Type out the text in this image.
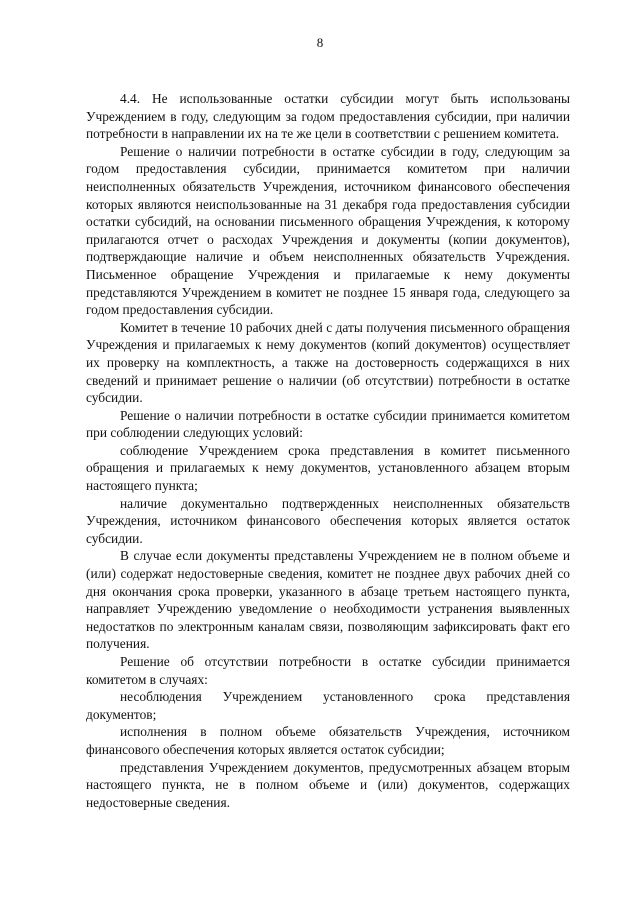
8

4.4. Не использованные остатки субсидии могут быть использованы Учреждением в году, следующим за годом предоставления субсидии, при наличии потребности в направлении их на те же цели в соответствии с решением комитета.

Решение о наличии потребности в остатке субсидии в году, следующим за годом предоставления субсидии, принимается комитетом при наличии неисполненных обязательств Учреждения, источником финансового обеспечения которых являются неиспользованные на 31 декабря года предоставления субсидии остатки субсидий, на основании письменного обращения Учреждения, к которому прилагаются отчет о расходах Учреждения и документы (копии документов), подтверждающие наличие и объем неисполненных обязательств Учреждения. Письменное обращение Учреждения и прилагаемые к нему документы представляются Учреждением в комитет не позднее 15 января года, следующего за годом предоставления субсидии.

Комитет в течение 10 рабочих дней с даты получения письменного обращения Учреждения и прилагаемых к нему документов (копий документов) осуществляет их проверку на комплектность, а также на достоверность содержащихся в них сведений и принимает решение о наличии (об отсутствии) потребности в остатке субсидии.

Решение о наличии потребности в остатке субсидии принимается комитетом при соблюдении следующих условий:

соблюдение Учреждением срока представления в комитет письменного обращения и прилагаемых к нему документов, установленного абзацем вторым настоящего пункта;

наличие документально подтвержденных неисполненных обязательств Учреждения, источником финансового обеспечения которых является остаток субсидии.

В случае если документы представлены Учреждением не в полном объеме и (или) содержат недостоверные сведения, комитет не позднее двух рабочих дней со дня окончания срока проверки, указанного в абзаце третьем настоящего пункта, направляет Учреждению уведомление о необходимости устранения выявленных недостатков по электронным каналам связи, позволяющим зафиксировать факт его получения.

Решение об отсутствии потребности в остатке субсидии принимается комитетом в случаях:

несоблюдения Учреждением установленного срока представления документов;

исполнения в полном объеме обязательств Учреждения, источником финансового обеспечения которых является остаток субсидии;

представления Учреждением документов, предусмотренных абзацем вторым настоящего пункта, не в полном объеме и (или) документов, содержащих недостоверные сведения.
